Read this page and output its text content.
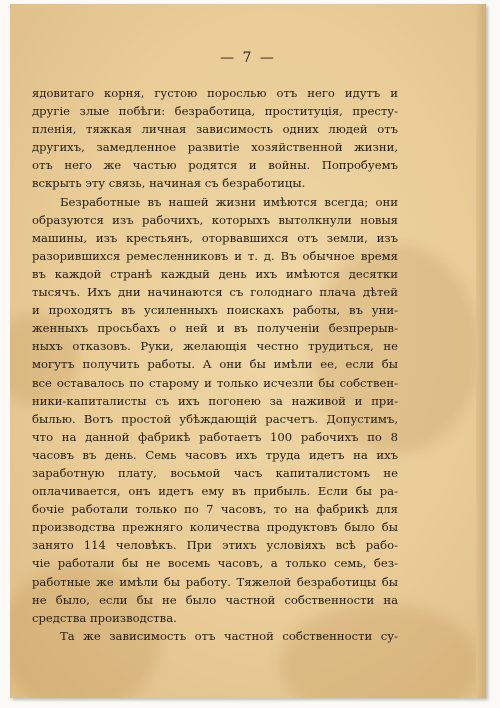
— 7 —
ядовитаго корня, густою порослью отъ него идутъ и
другіе злые побѣги: безработица, проституція, престу-
пленія, тяжкая личная зависимость одних людей отъ
другихъ, замедленное развитіе хозяйственной жизни,
отъ него же частью родятся и войны. Попробуемъ
вскрыть эту связь, начиная съ безработицы.
Безработные въ нашей жизни имѣются всегда; они
образуются изъ рабочихъ, которыхъ вытолкнули новыя
машины, изъ крестьянъ, оторвавшихся отъ земли, изъ
разорившихся ремесленниковъ и т. д. Въ обычное время
въ каждой странѣ каждый день ихъ имѣются десятки
тысячъ. Ихъ дни начинаются съ голоднаго плача дѣтей
и проходятъ въ усиленныхъ поискахъ работы, въ уни-
женныхъ просьбахъ о ней и въ полученіи безпрерыв-
ныхъ отказовъ. Руки, желающія честно трудиться, не
могутъ получить работы. А они бы имѣли ее, если бы
все оставалось по старому и только исчезли бы собствен-
ники-капиталисты съ ихъ погонею за наживой и при-
былью. Вотъ простой убѣждающій расчетъ. Допустимъ,
что на данной фабрикѣ работаетъ 100 рабочихъ по 8
часовъ въ день. Семь часовъ ихъ труда идетъ на ихъ
заработную плату, восьмой часъ капиталистомъ не
оплачивается, онъ идетъ ему въ прибыль. Если бы ра-
бочіе работали только по 7 часовъ, то на фабрикѣ для
производства прежняго количества продуктовъ было бы
занято 114 человѣкъ. При этихъ условіяхъ всѣ рабо-
чіе работали бы не восемь часовъ, а только семь, без-
работные же имѣли бы работу. Тяжелой безработицы бы
не было, если бы не было частной собственности на
средства производства.
Та же зависимость отъ частной собственности су-
